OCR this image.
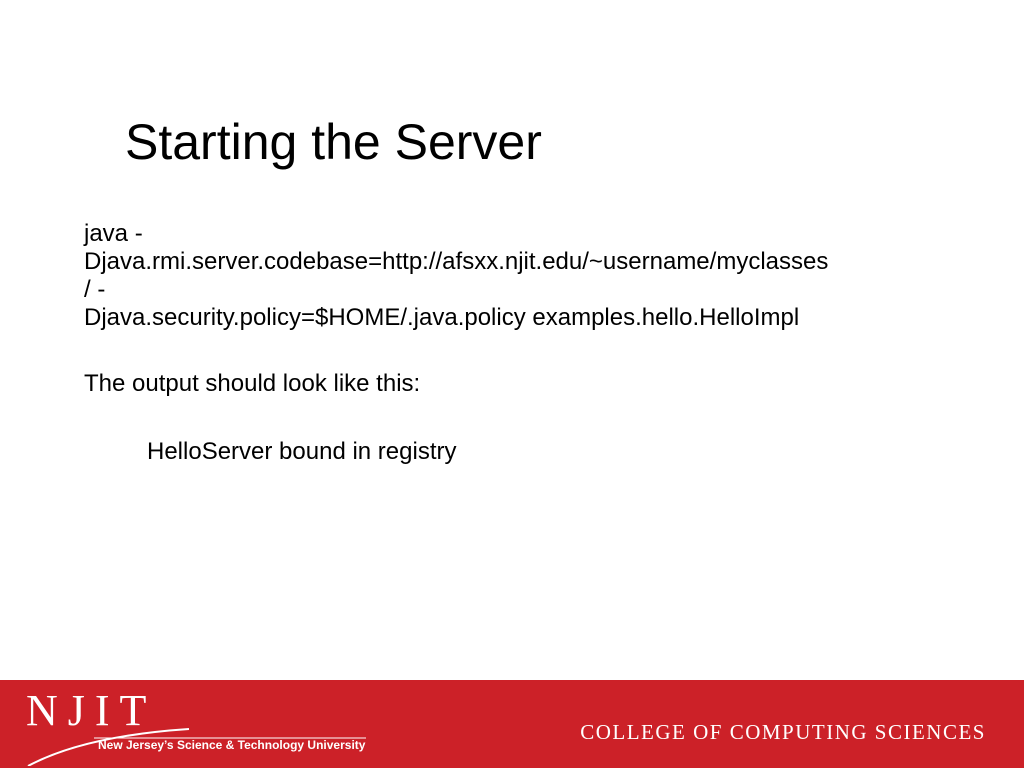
Starting the Server
java -
Djava.rmi.server.codebase=http://afsxx.njit.edu/~username/myclasses
/ -
Djava.security.policy=$HOME/.java.policy examples.hello.HelloImpl
The output should look like this:
HelloServer bound in registry
NJIT
New Jersey’s Science & Technology University
COLLEGE OF COMPUTING SCIENCES
